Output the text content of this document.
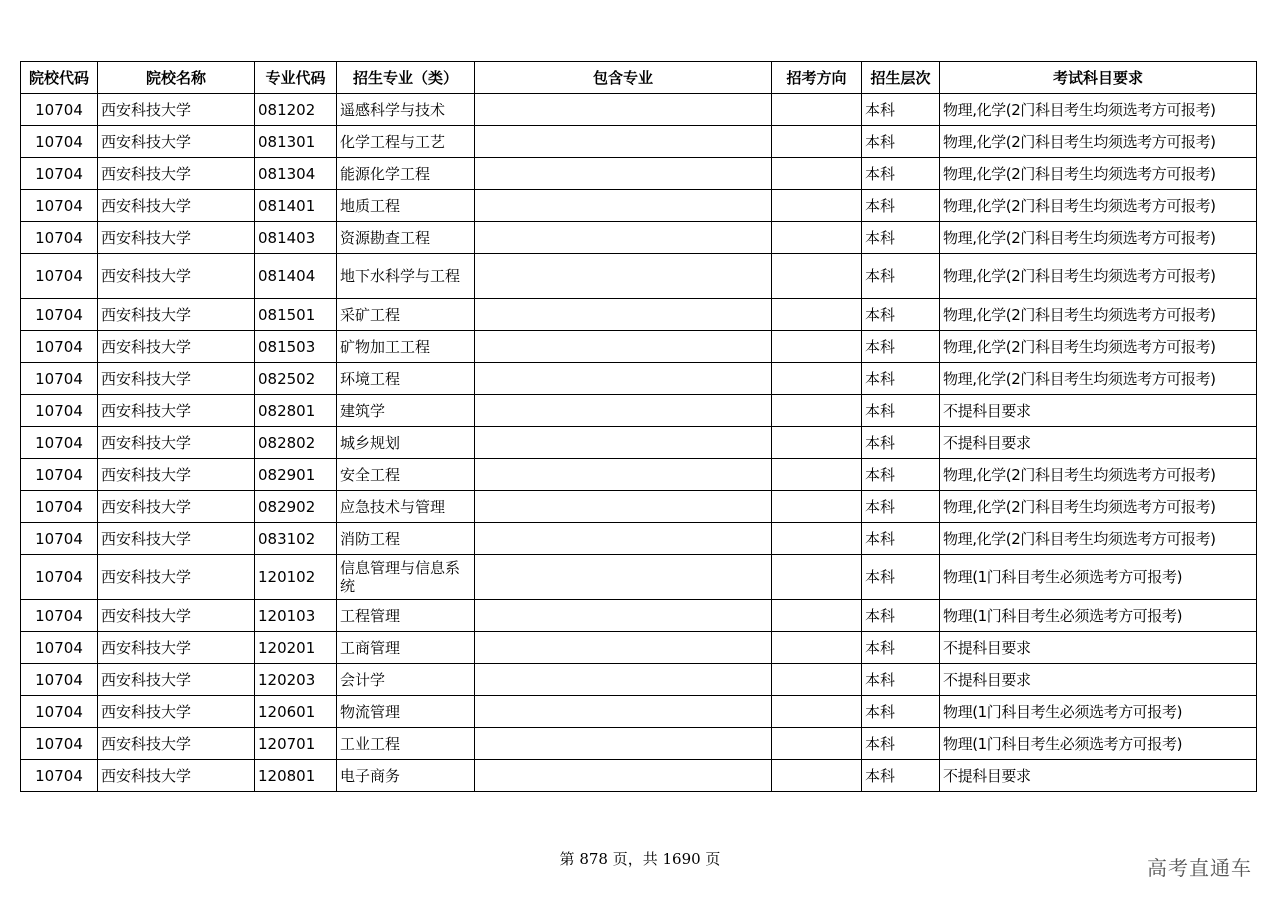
院校代码	院校名称	专业代码	招生专业（类）	包含专业	招考方向	招生层次	考试科目要求
10704	西安科技大学	081202	遥感科学与技术			本科	物理,化学(2门科目考生均须选考方可报考)
10704	西安科技大学	081301	化学工程与工艺			本科	物理,化学(2门科目考生均须选考方可报考)
10704	西安科技大学	081304	能源化学工程			本科	物理,化学(2门科目考生均须选考方可报考)
10704	西安科技大学	081401	地质工程			本科	物理,化学(2门科目考生均须选考方可报考)
10704	西安科技大学	081403	资源勘查工程			本科	物理,化学(2门科目考生均须选考方可报考)
10704	西安科技大学	081404	地下水科学与工程			本科	物理,化学(2门科目考生均须选考方可报考)
10704	西安科技大学	081501	采矿工程			本科	物理,化学(2门科目考生均须选考方可报考)
10704	西安科技大学	081503	矿物加工工程			本科	物理,化学(2门科目考生均须选考方可报考)
10704	西安科技大学	082502	环境工程			本科	物理,化学(2门科目考生均须选考方可报考)
10704	西安科技大学	082801	建筑学			本科	不提科目要求
10704	西安科技大学	082802	城乡规划			本科	不提科目要求
10704	西安科技大学	082901	安全工程			本科	物理,化学(2门科目考生均须选考方可报考)
10704	西安科技大学	082902	应急技术与管理			本科	物理,化学(2门科目考生均须选考方可报考)
10704	西安科技大学	083102	消防工程			本科	物理,化学(2门科目考生均须选考方可报考)
10704	西安科技大学	120102	信息管理与信息系统			本科	物理(1门科目考生必须选考方可报考)
10704	西安科技大学	120103	工程管理			本科	物理(1门科目考生必须选考方可报考)
10704	西安科技大学	120201	工商管理			本科	不提科目要求
10704	西安科技大学	120203	会计学			本科	不提科目要求
10704	西安科技大学	120601	物流管理			本科	物理(1门科目考生必须选考方可报考)
10704	西安科技大学	120701	工业工程			本科	物理(1门科目考生必须选考方可报考)
10704	西安科技大学	120801	电子商务			本科	不提科目要求
第 878 页，共 1690 页	高考直通车
